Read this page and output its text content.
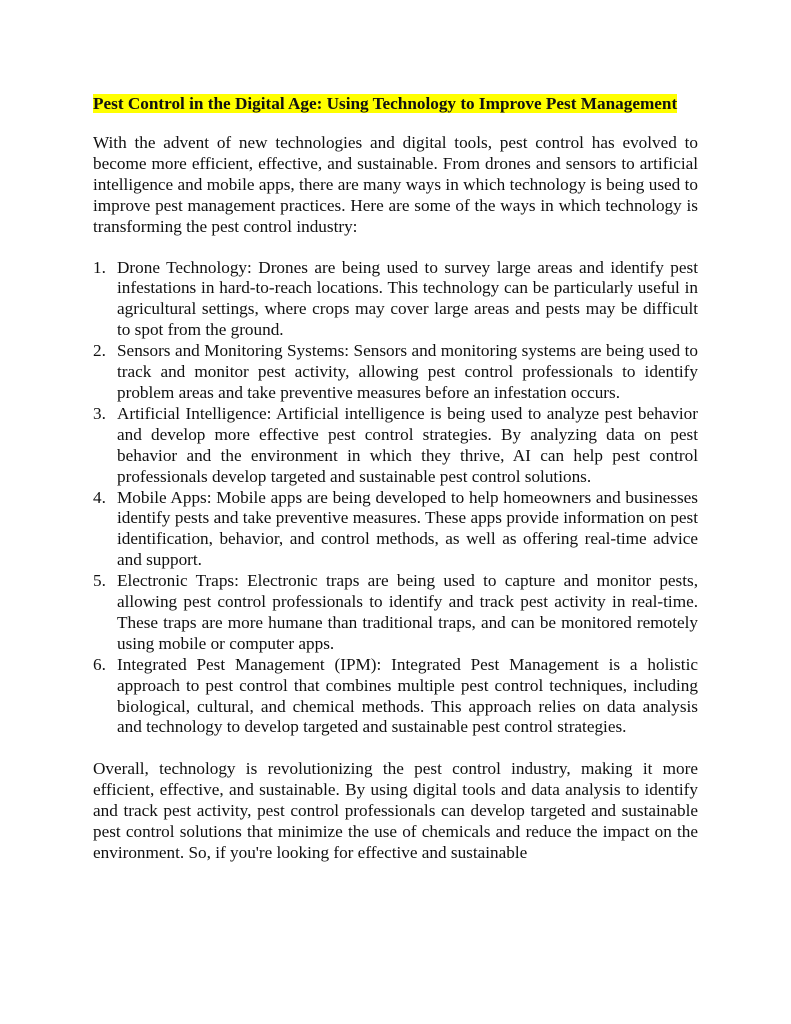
Pest Control in the Digital Age: Using Technology to Improve Pest Management

With the advent of new technologies and digital tools, pest control has evolved to become more efficient, effective, and sustainable. From drones and sensors to artificial intelligence and mobile apps, there are many ways in which technology is being used to improve pest management practices. Here are some of the ways in which technology is transforming the pest control industry:

1. Drone Technology: Drones are being used to survey large areas and identify pest infestations in hard-to-reach locations. This technology can be particularly useful in agricultural settings, where crops may cover large areas and pests may be difficult to spot from the ground.
2. Sensors and Monitoring Systems: Sensors and monitoring systems are being used to track and monitor pest activity, allowing pest control professionals to identify problem areas and take preventive measures before an infestation occurs.
3. Artificial Intelligence: Artificial intelligence is being used to analyze pest behavior and develop more effective pest control strategies. By analyzing data on pest behavior and the environment in which they thrive, AI can help pest control professionals develop targeted and sustainable pest control solutions.
4. Mobile Apps: Mobile apps are being developed to help homeowners and businesses identify pests and take preventive measures. These apps provide information on pest identification, behavior, and control methods, as well as offering real-time advice and support.
5. Electronic Traps: Electronic traps are being used to capture and monitor pests, allowing pest control professionals to identify and track pest activity in real-time. These traps are more humane than traditional traps, and can be monitored remotely using mobile or computer apps.
6. Integrated Pest Management (IPM): Integrated Pest Management is a holistic approach to pest control that combines multiple pest control techniques, including biological, cultural, and chemical methods. This approach relies on data analysis and technology to develop targeted and sustainable pest control strategies.

Overall, technology is revolutionizing the pest control industry, making it more efficient, effective, and sustainable. By using digital tools and data analysis to identify and track pest activity, pest control professionals can develop targeted and sustainable pest control solutions that minimize the use of chemicals and reduce the impact on the environment. So, if you're looking for effective and sustainable
